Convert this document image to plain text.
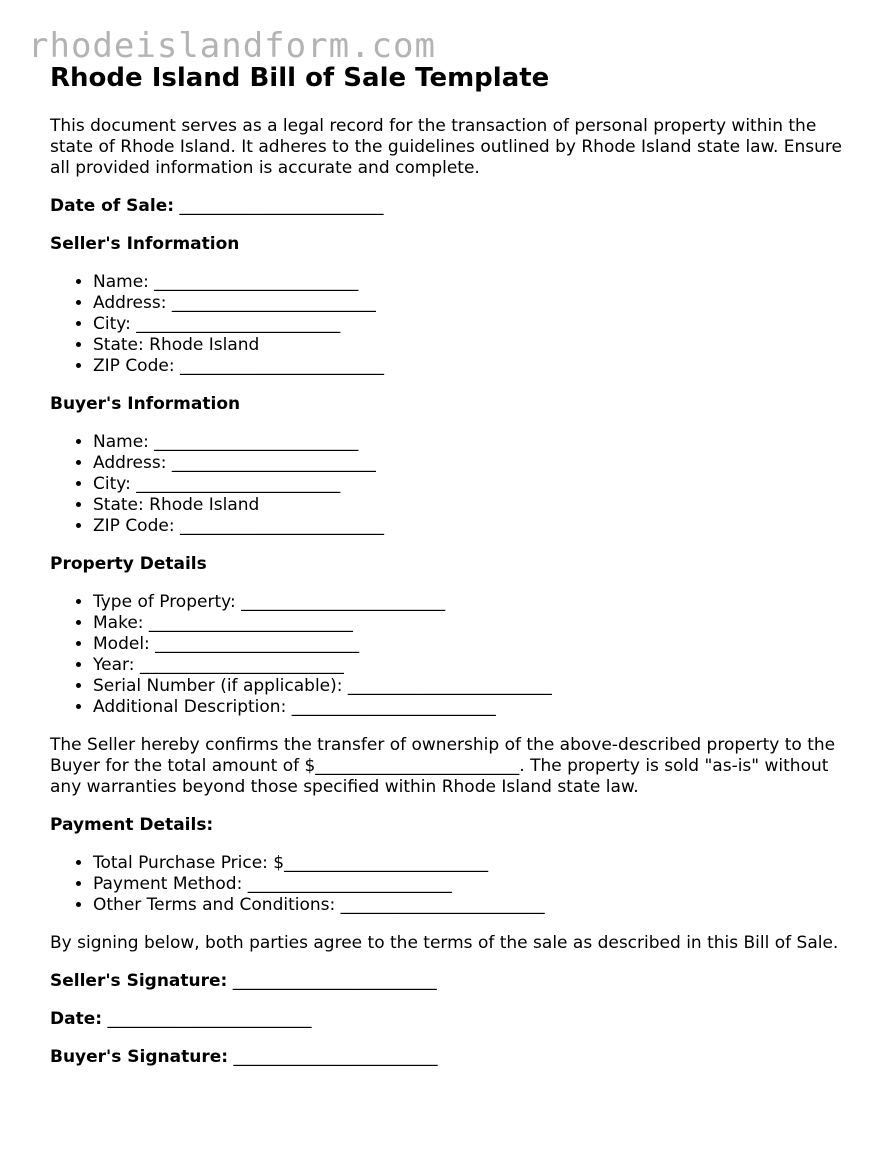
rhodeislandform.com
Rhode Island Bill of Sale Template

This document serves as a legal record for the transaction of personal property within the state of Rhode Island. It adheres to the guidelines outlined by Rhode Island state law. Ensure all provided information is accurate and complete.

Date of Sale: ________________________
Seller's Information
• Name: ________________________
• Address: ________________________
• City: ________________________
• State: Rhode Island
• ZIP Code: ________________________
Buyer's Information
• Name: ________________________
• Address: ________________________
• City: ________________________
• State: Rhode Island
• ZIP Code: ________________________
Property Details
• Type of Property: ________________________
• Make: ________________________
• Model: ________________________
• Year: ________________________
• Serial Number (if applicable): ________________________
• Additional Description: ________________________

The Seller hereby confirms the transfer of ownership of the above-described property to the Buyer for the total amount of $________________________. The property is sold "as-is" without any warranties beyond those specified within Rhode Island state law.

Payment Details:
• Total Purchase Price: $________________________
• Payment Method: ________________________
• Other Terms and Conditions: ________________________

By signing below, both parties agree to the terms of the sale as described in this Bill of Sale.

Seller's Signature: ________________________
Date: ________________________
Buyer's Signature: ________________________
